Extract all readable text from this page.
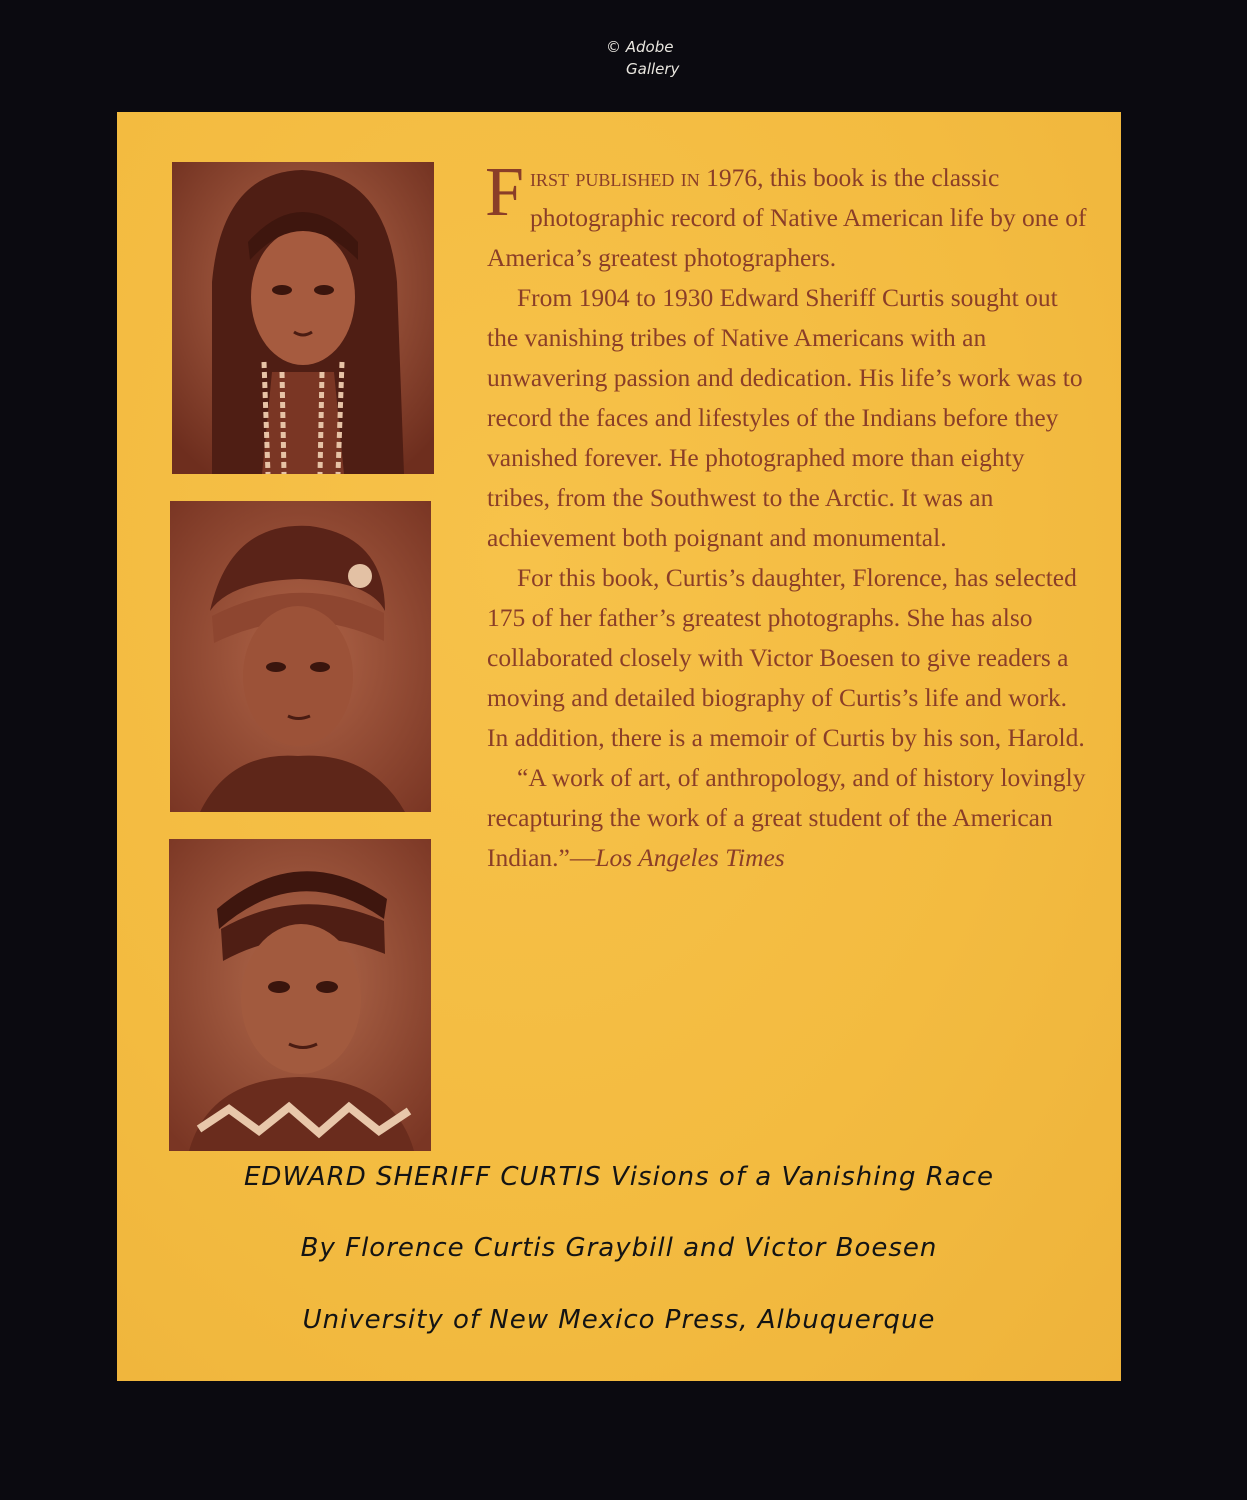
© Adobe
Gallery

First published in 1976, this book is the classic photographic record of Native American life by one of America’s greatest photographers.

From 1904 to 1930 Edward Sheriff Curtis sought out the vanishing tribes of Native Americans with an unwavering passion and dedication. His life’s work was to record the faces and lifestyles of the Indians before they vanished forever. He photographed more than eighty tribes, from the Southwest to the Arctic. It was an achievement both poignant and monumental.

For this book, Curtis’s daughter, Florence, has selected 175 of her father’s greatest photographs. She has also collaborated closely with Victor Boesen to give readers a moving and detailed biography of Curtis’s life and work. In addition, there is a memoir of Curtis by his son, Harold.

“A work of art, of anthropology, and of history lovingly recapturing the work of a great student of the American Indian.”—Los Angeles Times

EDWARD SHERIFF CURTIS Visions of a Vanishing Race
By Florence Curtis Graybill and Victor Boesen
University of New Mexico Press, Albuquerque
